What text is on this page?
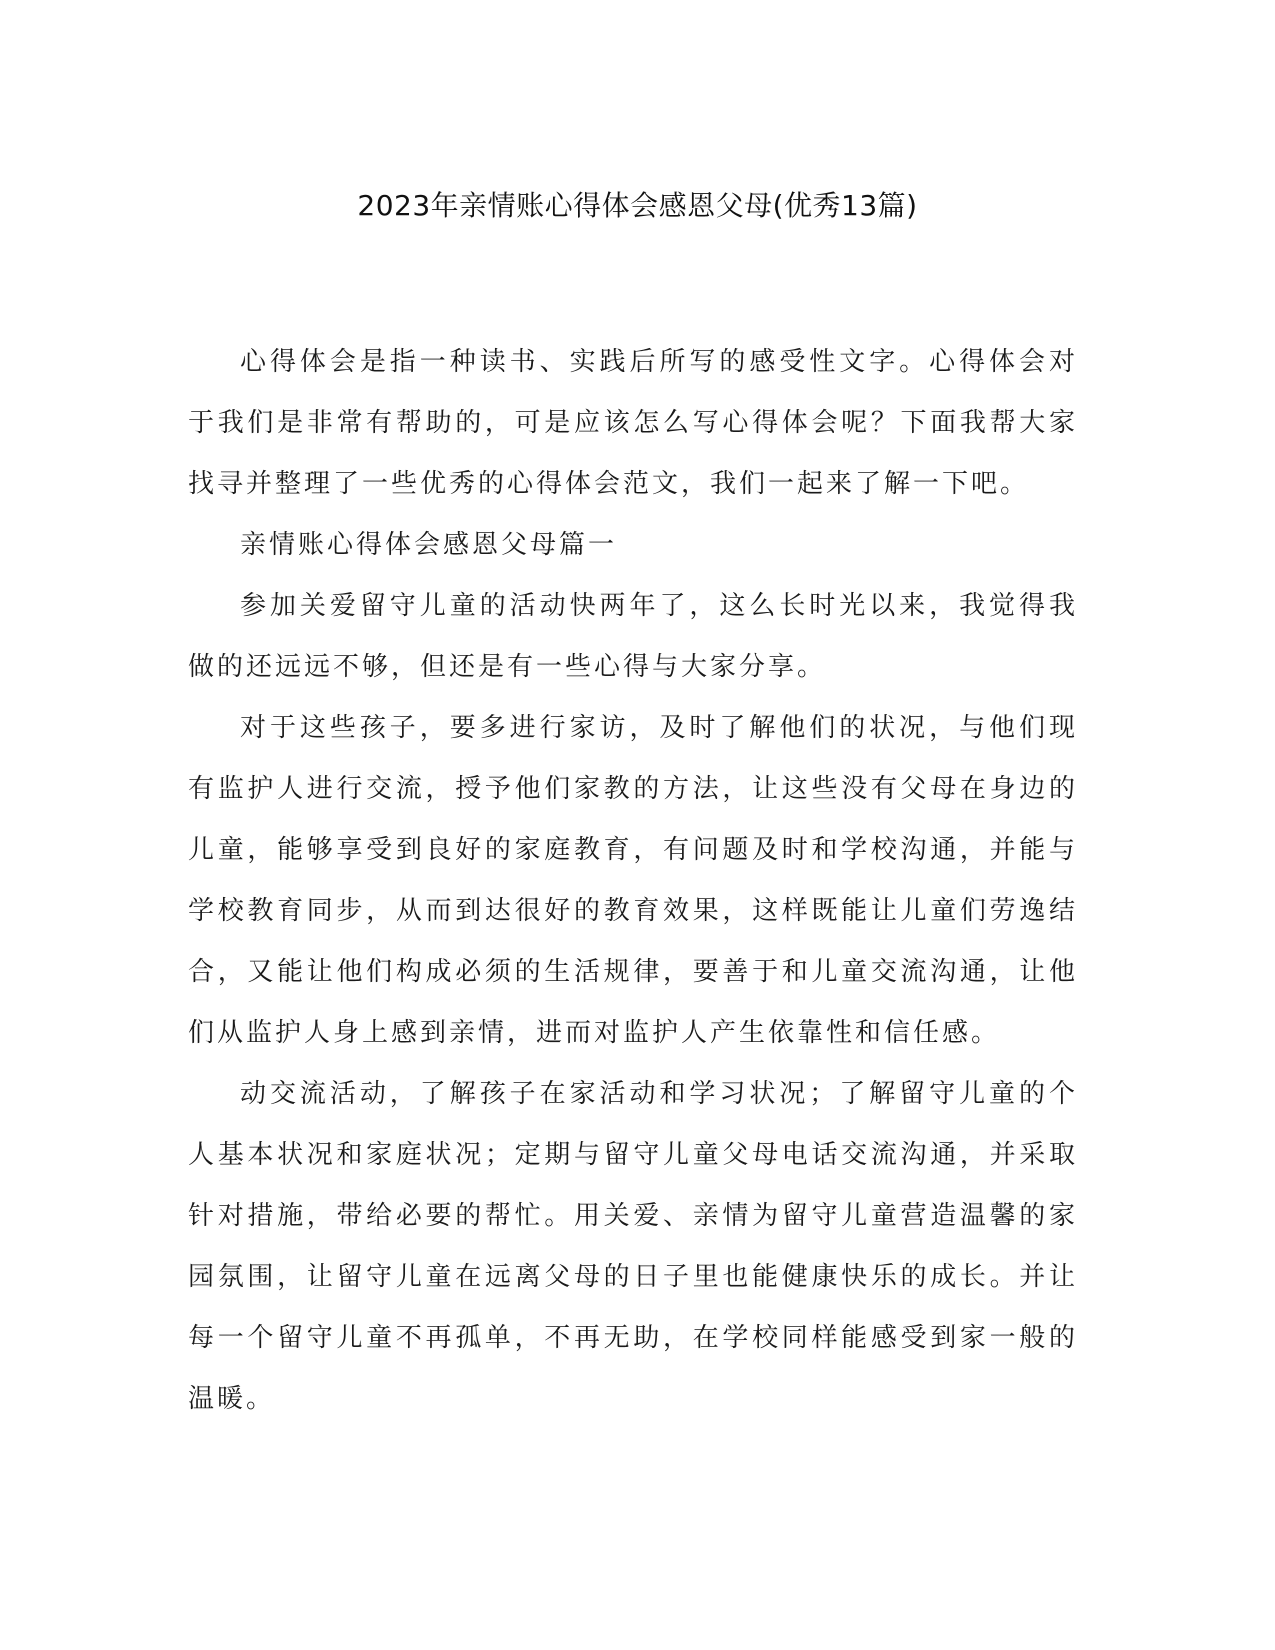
2023年亲情账心得体会感恩父母(优秀13篇)

心得体会是指一种读书、实践后所写的感受性文字。心得体会对于我们是非常有帮助的，可是应该怎么写心得体会呢？下面我帮大家找寻并整理了一些优秀的心得体会范文，我们一起来了解一下吧。

亲情账心得体会感恩父母篇一

参加关爱留守儿童的活动快两年了，这么长时光以来，我觉得我做的还远远不够，但还是有一些心得与大家分享。

对于这些孩子，要多进行家访，及时了解他们的状况，与他们现有监护人进行交流，授予他们家教的方法，让这些没有父母在身边的儿童，能够享受到良好的家庭教育，有问题及时和学校沟通，并能与学校教育同步，从而到达很好的教育效果，这样既能让儿童们劳逸结合，又能让他们构成必须的生活规律，要善于和儿童交流沟通，让他们从监护人身上感到亲情，进而对监护人产生依靠性和信任感。

动交流活动，了解孩子在家活动和学习状况；了解留守儿童的个人基本状况和家庭状况；定期与留守儿童父母电话交流沟通，并采取针对措施，带给必要的帮忙。用关爱、亲情为留守儿童营造温馨的家园氛围，让留守儿童在远离父母的日子里也能健康快乐的成长。并让每一个留守儿童不再孤单，不再无助，在学校同样能感受到家一般的温暖。
